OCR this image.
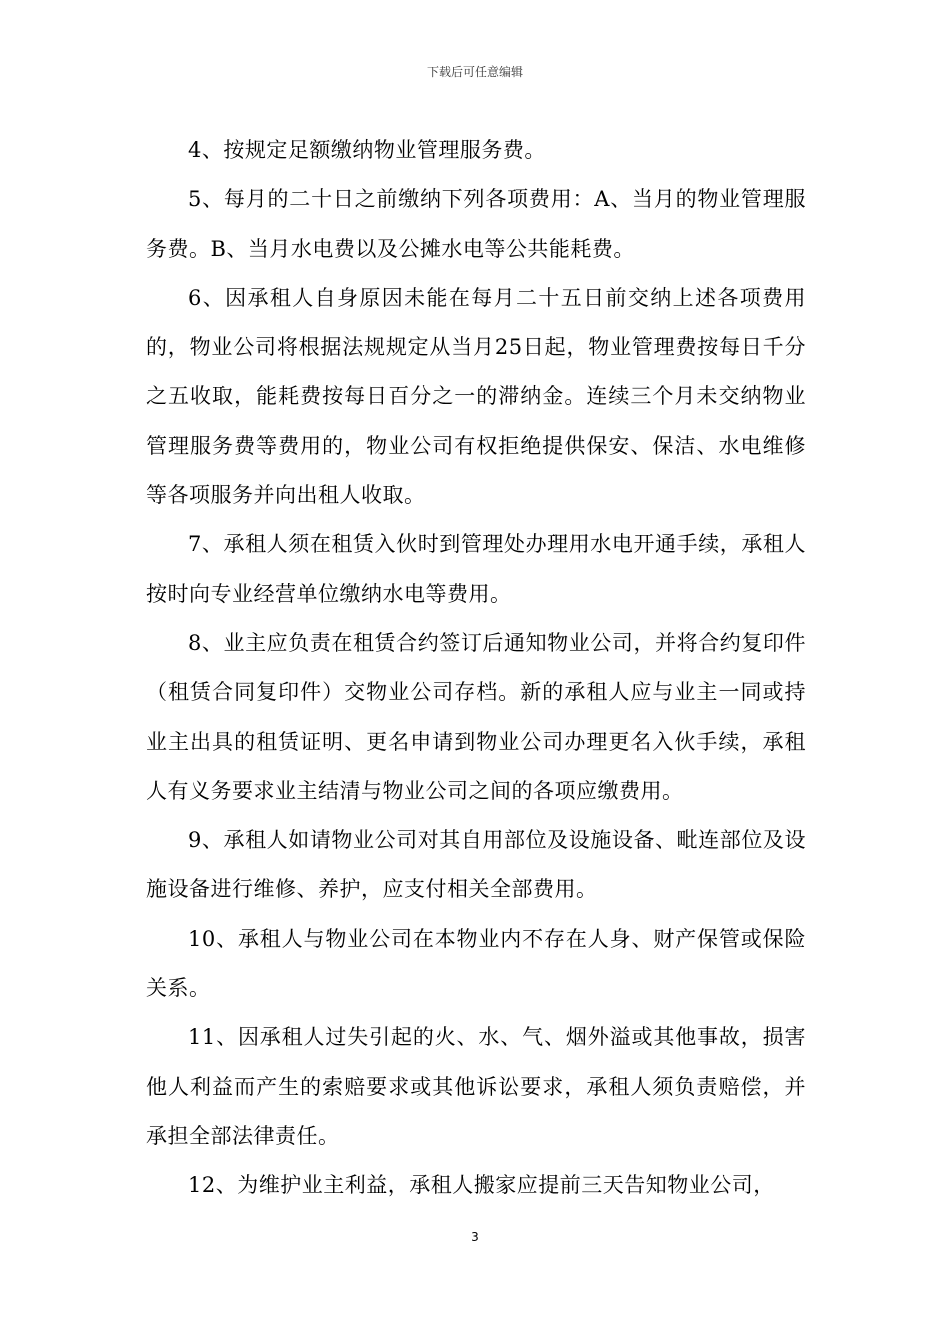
下载后可任意编辑

4、按规定足额缴纳物业管理服务费。

5、每月的二十日之前缴纳下列各项费用：A、当月的物业管理服务费。B、当月水电费以及公摊水电等公共能耗费。

6、因承租人自身原因未能在每月二十五日前交纳上述各项费用的，物业公司将根据法规规定从当月25日起，物业管理费按每日千分之五收取，能耗费按每日百分之一的滞纳金。连续三个月未交纳物业管理服务费等费用的，物业公司有权拒绝提供保安、保洁、水电维修等各项服务并向出租人收取。

7、承租人须在租赁入伙时到管理处办理用水电开通手续，承租人按时向专业经营单位缴纳水电等费用。

8、业主应负责在租赁合约签订后通知物业公司，并将合约复印件（租赁合同复印件）交物业公司存档。新的承租人应与业主一同或持业主出具的租赁证明、更名申请到物业公司办理更名入伙手续，承租人有义务要求业主结清与物业公司之间的各项应缴费用。

9、承租人如请物业公司对其自用部位及设施设备、毗连部位及设施设备进行维修、养护，应支付相关全部费用。

10、承租人与物业公司在本物业内不存在人身、财产保管或保险关系。

11、因承租人过失引起的火、水、气、烟外溢或其他事故，损害他人利益而产生的索赔要求或其他诉讼要求，承租人须负责赔偿，并承担全部法律责任。

12、为维护业主利益，承租人搬家应提前三天告知物业公司，

3
